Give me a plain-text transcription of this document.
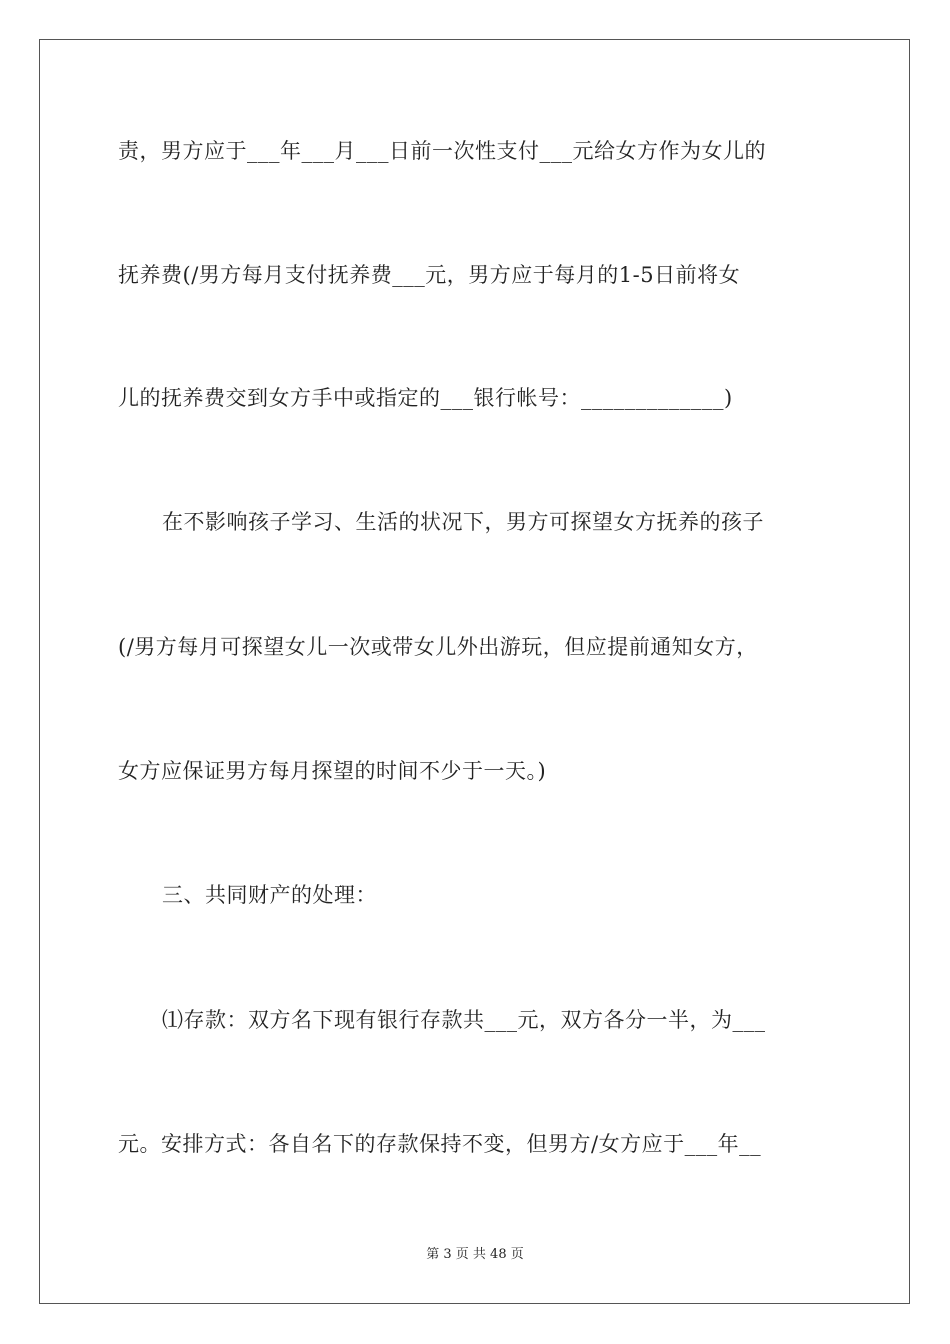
责，男方应于___年___月___日前一次性支付___元给女方作为女儿的
抚养费(/男方每月支付抚养费___元，男方应于每月的1-5日前将女
儿的抚养费交到女方手中或指定的___银行帐号：_____________)
在不影响孩子学习、生活的状况下，男方可探望女方抚养的孩子
(/男方每月可探望女儿一次或带女儿外出游玩，但应提前通知女方，
女方应保证男方每月探望的时间不少于一天。)
三、共同财产的处理：
⑴存款：双方名下现有银行存款共___元，双方各分一半，为___
元。安排方式：各自名下的存款保持不变，但男方/女方应于___年__
第 3 页 共 48 页
